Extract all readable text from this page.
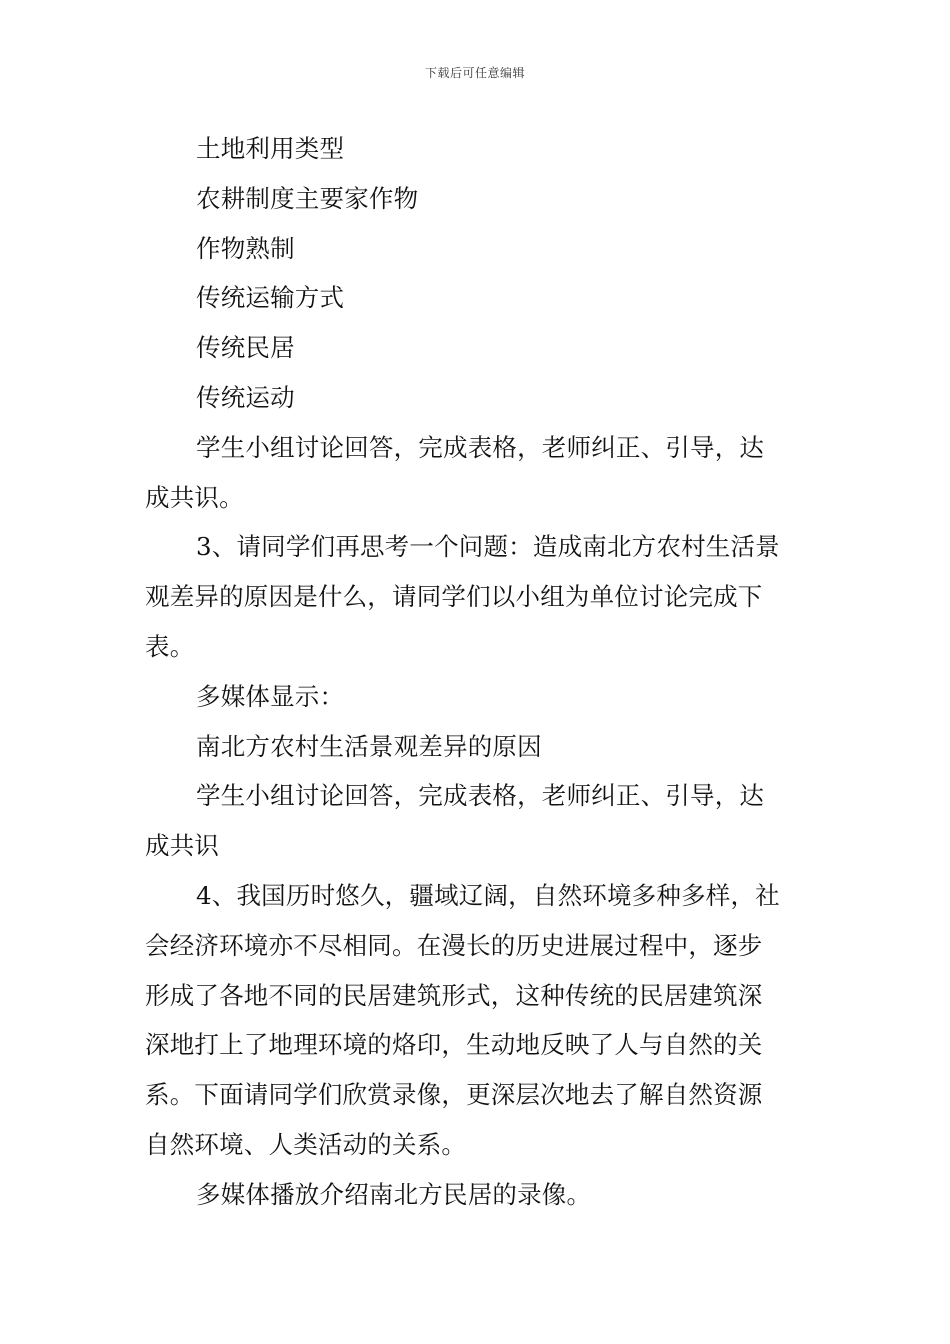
下载后可任意编辑
土地利用类型
农耕制度主要家作物
作物熟制
传统运输方式
传统民居
传统运动
学生小组讨论回答，完成表格，老师纠正、引导，达
成共识。
3、请同学们再思考一个问题：造成南北方农村生活景
观差异的原因是什么，请同学们以小组为单位讨论完成下
表。
多媒体显示：
南北方农村生活景观差异的原因
学生小组讨论回答，完成表格，老师纠正、引导，达
成共识
4、我国历时悠久，疆域辽阔，自然环境多种多样，社
会经济环境亦不尽相同。在漫长的历史进展过程中，逐步
形成了各地不同的民居建筑形式，这种传统的民居建筑深
深地打上了地理环境的烙印，生动地反映了人与自然的关
系。下面请同学们欣赏录像，更深层次地去了解自然资源
自然环境、人类活动的关系。
多媒体播放介绍南北方民居的录像。
